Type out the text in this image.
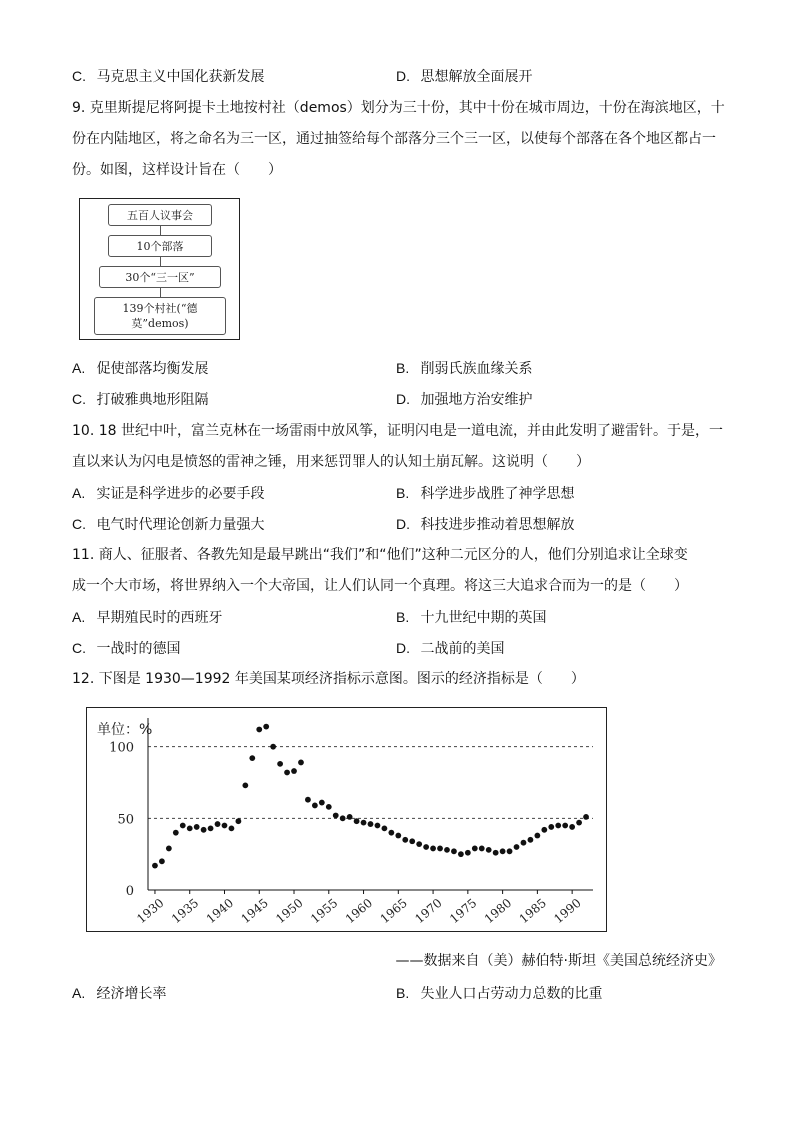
C. 马克思主义中国化获新发展	D. 思想解放全面展开
9. 克里斯提尼将阿提卡土地按村社（demos）划分为三十份，其中十份在城市周边，十份在海滨地区，十
份在内陆地区，将之命名为三一区，通过抽签给每个部落分三个三一区，以使每个部落在各个地区都占一
份。如图，这样设计旨在（　　）
五百人议事会
10个部落
30个“三一区”
139个村社(“德
莫”demos)
A. 促使部落均衡发展	B. 削弱氏族血缘关系
C. 打破雅典地形阻隔	D. 加强地方治安维护
10. 18 世纪中叶，富兰克林在一场雷雨中放风筝，证明闪电是一道电流，并由此发明了避雷针。于是，一
直以来认为闪电是愤怒的雷神之锤，用来惩罚罪人的认知土崩瓦解。这说明（　　）
A. 实证是科学进步的必要手段	B. 科学进步战胜了神学思想
C. 电气时代理论创新力量强大	D. 科技进步推动着思想解放
11. 商人、征服者、各教先知是最早跳出“我们”和“他们”这种二元区分的人，他们分别追求让全球变
成一个大市场，将世界纳入一个大帝国，让人们认同一个真理。将这三大追求合而为一的是（　　）
A. 早期殖民时的西班牙	B. 十九世纪中期的英国
C. 一战时的德国	D. 二战前的美国
12. 下图是 1930—1992 年美国某项经济指标示意图。图示的经济指标是（　　）
单位：%
0
50
100
1930 1935 1940 1945 1950 1955 1960 1965 1970 1975 1980 1985 1990
——数据来自（美）赫伯特·斯坦《美国总统经济史》
A. 经济增长率	B. 失业人口占劳动力总数的比重
